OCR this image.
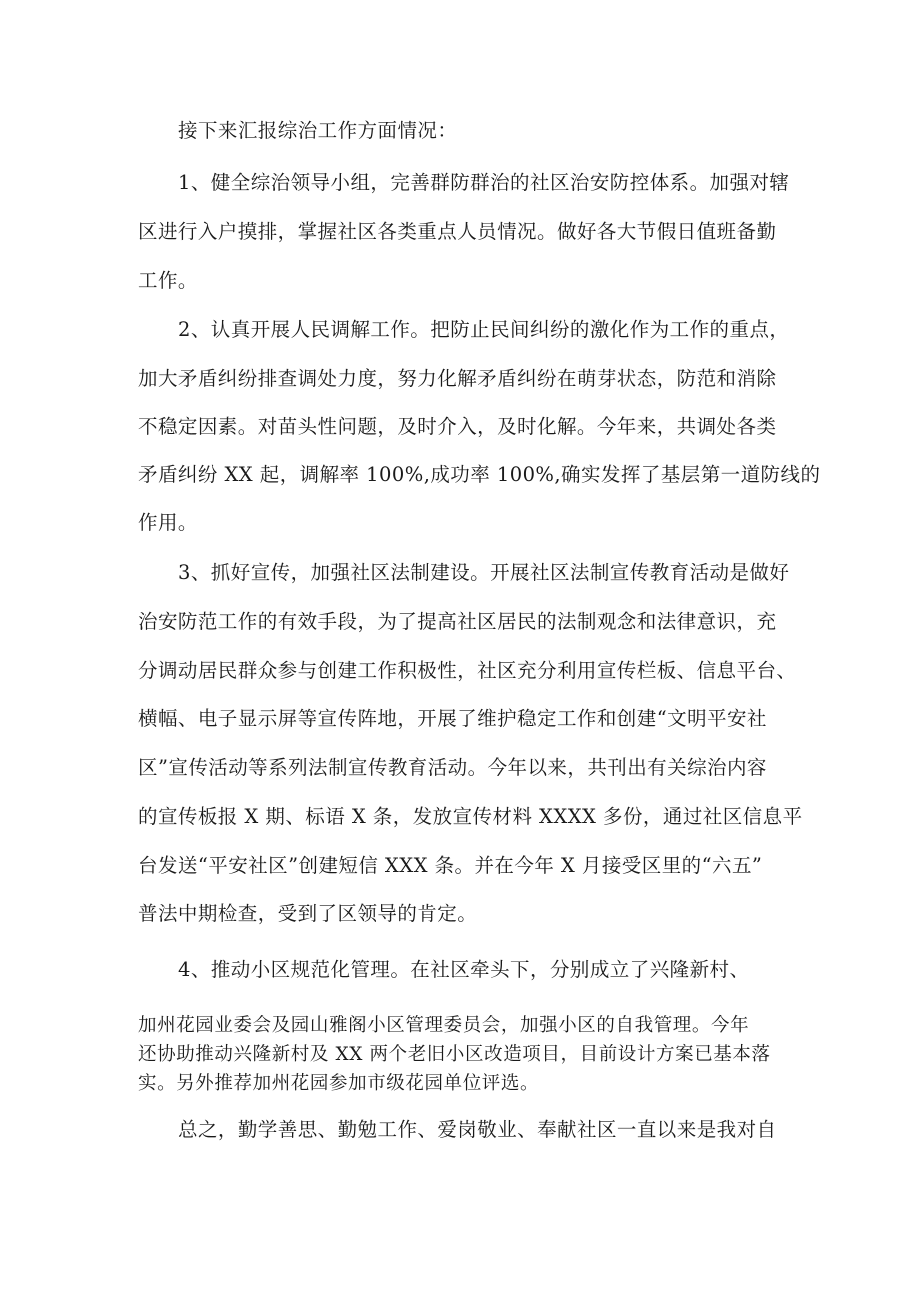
接下来汇报综治工作方面情况：
1、健全综治领导小组，完善群防群治的社区治安防控体系。加强对辖
区进行入户摸排，掌握社区各类重点人员情况。做好各大节假日值班备勤
工作。
2、认真开展人民调解工作。把防止民间纠纷的激化作为工作的重点，
加大矛盾纠纷排查调处力度，努力化解矛盾纠纷在萌芽状态，防范和消除
不稳定因素。对苗头性问题，及时介入，及时化解。今年来，共调处各类
矛盾纠纷 XX 起，调解率 100%,成功率 100%,确实发挥了基层第一道防线的
作用。
3、抓好宣传，加强社区法制建设。开展社区法制宣传教育活动是做好
治安防范工作的有效手段，为了提高社区居民的法制观念和法律意识，充
分调动居民群众参与创建工作积极性，社区充分利用宣传栏板、信息平台、
横幅、电子显示屏等宣传阵地，开展了维护稳定工作和创建“文明平安社
区”宣传活动等系列法制宣传教育活动。今年以来，共刊出有关综治内容
的宣传板报 X 期、标语 X 条，发放宣传材料 XXXX 多份，通过社区信息平
台发送“平安社区”创建短信 XXX 条。并在今年 X 月接受区里的“六五”
普法中期检查，受到了区领导的肯定。
4、推动小区规范化管理。在社区牵头下，分别成立了兴隆新村、
加州花园业委会及园山雅阁小区管理委员会，加强小区的自我管理。今年
还协助推动兴隆新村及 XX 两个老旧小区改造项目，目前设计方案已基本落
实。另外推荐加州花园参加市级花园单位评选。
总之，勤学善思、勤勉工作、爱岗敬业、奉献社区一直以来是我对自
